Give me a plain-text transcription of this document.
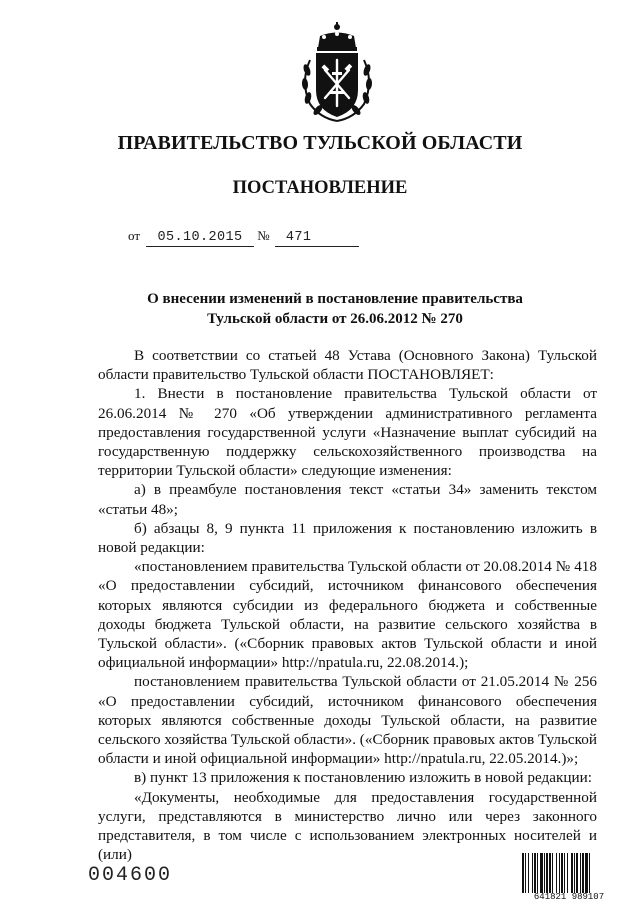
ПРАВИТЕЛЬСТВО ТУЛЬСКОЙ ОБЛАСТИ
ПОСТАНОВЛЕНИЕ
от 05.10.2015 № 471

О внесении изменений в постановление правительства
Тульской области от 26.06.2012 № 270

В соответствии со статьей 48 Устава (Основного Закона) Тульской области правительство Тульской области ПОСТАНОВЛЯЕТ:

1. Внести в постановление правительства Тульской области от 26.06.2014 № 270 «Об утверждении административного регламента предоставления государственной услуги «Назначение выплат субсидий на государственную поддержку сельскохозяйственного производства на территории Тульской области» следующие изменения:

а) в преамбуле постановления текст «статьи 34» заменить текстом «статьи 48»;

б) абзацы 8, 9 пункта 11 приложения к постановлению изложить в новой редакции:

«постановлением правительства Тульской области от 20.08.2014 № 418 «О предоставлении субсидий, источником финансового обеспечения которых являются субсидии из федерального бюджета и собственные доходы бюджета Тульской области, на развитие сельского хозяйства в Тульской области». («Сборник правовых актов Тульской области и иной официальной информации» http://npatula.ru, 22.08.2014.);

постановлением правительства Тульской области от 21.05.2014 № 256 «О предоставлении субсидий, источником финансового обеспечения которых являются собственные доходы Тульской области, на развитие сельского хозяйства Тульской области». («Сборник правовых актов Тульской области и иной официальной информации» http://npatula.ru, 22.05.2014.)»;

в) пункт 13 приложения к постановлению изложить в новой редакции:

«Документы, необходимые для предоставления государственной услуги, представляются в министерство лично или через законного представителя, в том числе с использованием электронных носителей и (или)

004600
641821 989107
